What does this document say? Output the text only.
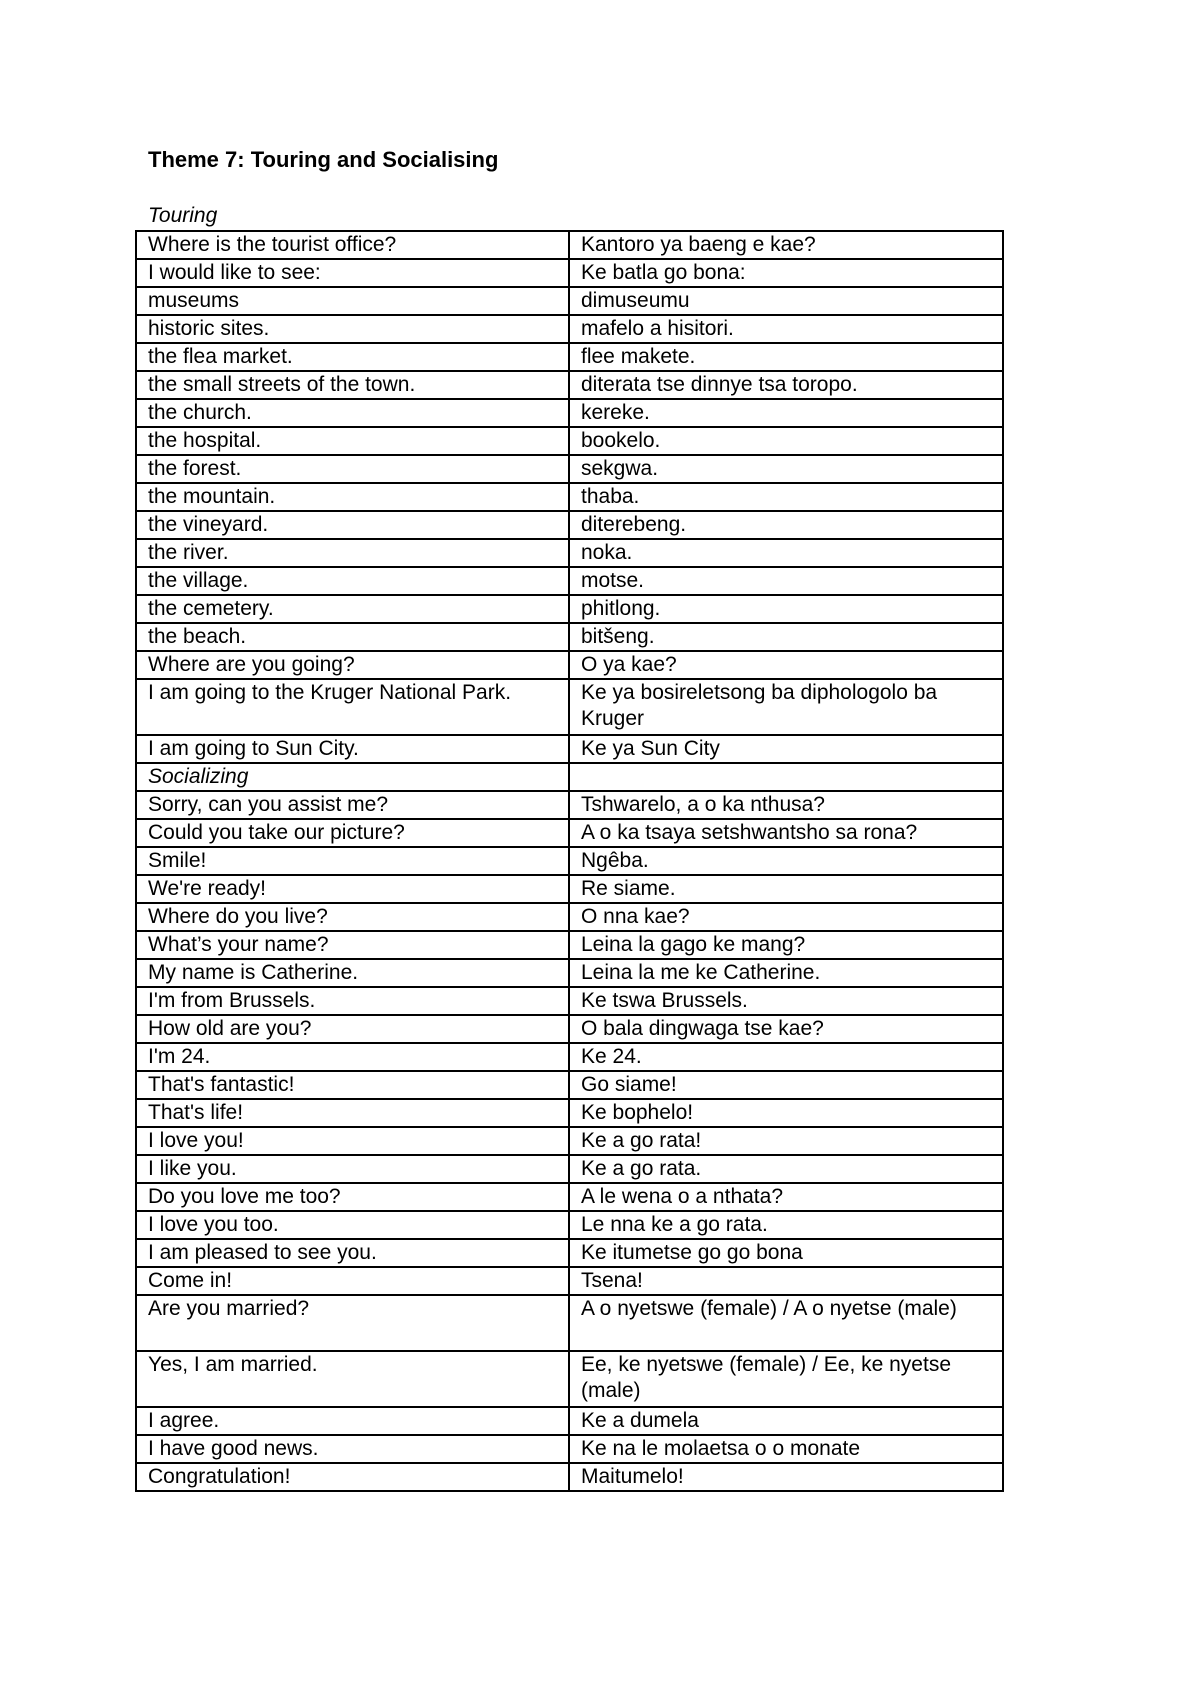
Theme 7: Touring and Socialising
Touring
Where is the tourist office?	Kantoro ya baeng e kae?
I would like to see:	Ke batla go bona:
museums	dimuseumu
historic sites.	mafelo a hisitori.
the flea market.	flee makete.
the small streets of the town.	diterata tse dinnye tsa toropo.
the church.	kereke.
the hospital.	bookelo.
the forest.	sekgwa.
the mountain.	thaba.
the vineyard.	diterebeng.
the river.	noka.
the village.	motse.
the cemetery.	phitlong.
the beach.	bitšeng.
Where are you going?	O ya kae?
I am going to the Kruger National Park.	Ke ya bosireletsong ba diphologolo ba Kruger
I am going to Sun City.	Ke ya Sun City
Socializing	
Sorry, can you assist me?	Tshwarelo, a o ka nthusa?
Could you take our picture?	A o ka tsaya setshwantsho sa rona?
Smile!	Ngêba.
We're ready!	Re siame.
Where do you live?	O nna kae?
What’s your name?	Leina la gago ke mang?
My name is Catherine.	Leina la me ke Catherine.
I'm from Brussels.	Ke tswa Brussels.
How old are you?	O bala dingwaga tse kae?
I'm 24.	Ke 24.
That's fantastic!	Go siame!
That's life!	Ke bophelo!
I love you!	Ke a go rata!
I like you.	Ke a go rata.
Do you love me too?	A le wena o a nthata?
I love you too.	Le nna ke a go rata.
I am pleased to see you.	Ke itumetse go go bona
Come in!	Tsena!
Are you married?	A o nyetswe (female) / A o nyetse (male)
Yes, I am married.	Ee, ke nyetswe (female) / Ee, ke nyetse (male)
I agree.	Ke a dumela
I have good news.	Ke na le molaetsa o o monate
Congratulation!	Maitumelo!
